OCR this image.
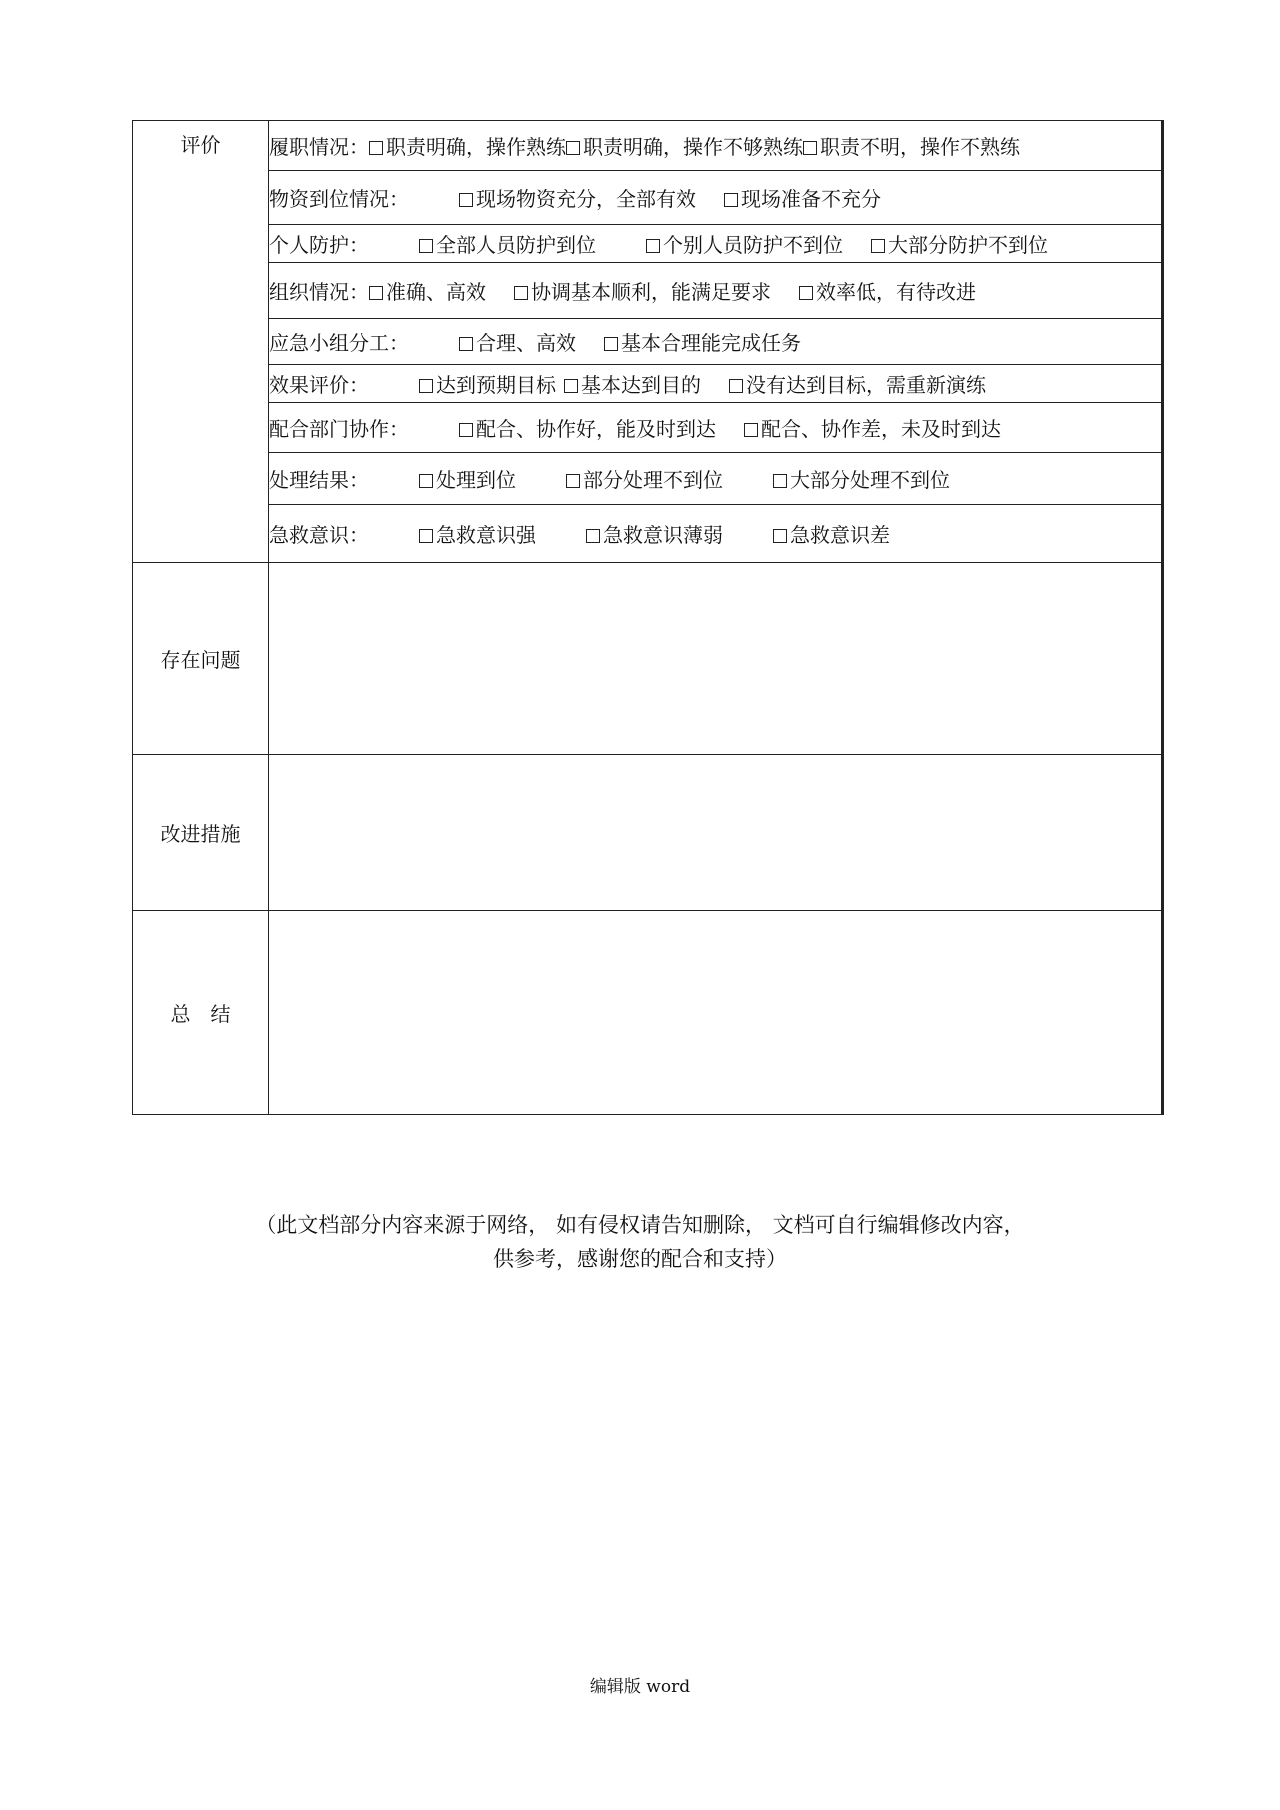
评价	履职情况： 职责明确，操作熟练 职责明确，操作不够熟练 职责不明，操作不熟练
	物资到位情况： 现场物资充分，全部有效 现场准备不充分
	个人防护： 全部人员防护到位 个别人员防护不到位 大部分防护不到位
	组织情况： 准确、高效 协调基本顺利，能满足要求 效率低，有待改进
	应急小组分工： 合理、高效 基本合理能完成任务
	效果评价： 达到预期目标 基本达到目的 没有达到目标，需重新演练
	配合部门协作： 配合、协作好，能及时到达 配合、协作差，未及时到达
	处理结果： 处理到位 部分处理不到位 大部分处理不到位
	急救意识： 急救意识强 急救意识薄弱 急救意识差
存在问题	
改进措施	
总　结	
（此文档部分内容来源于网络， 如有侵权请告知删除， 文档可自行编辑修改内容，
供参考，感谢您的配合和支持）
编辑版 word
